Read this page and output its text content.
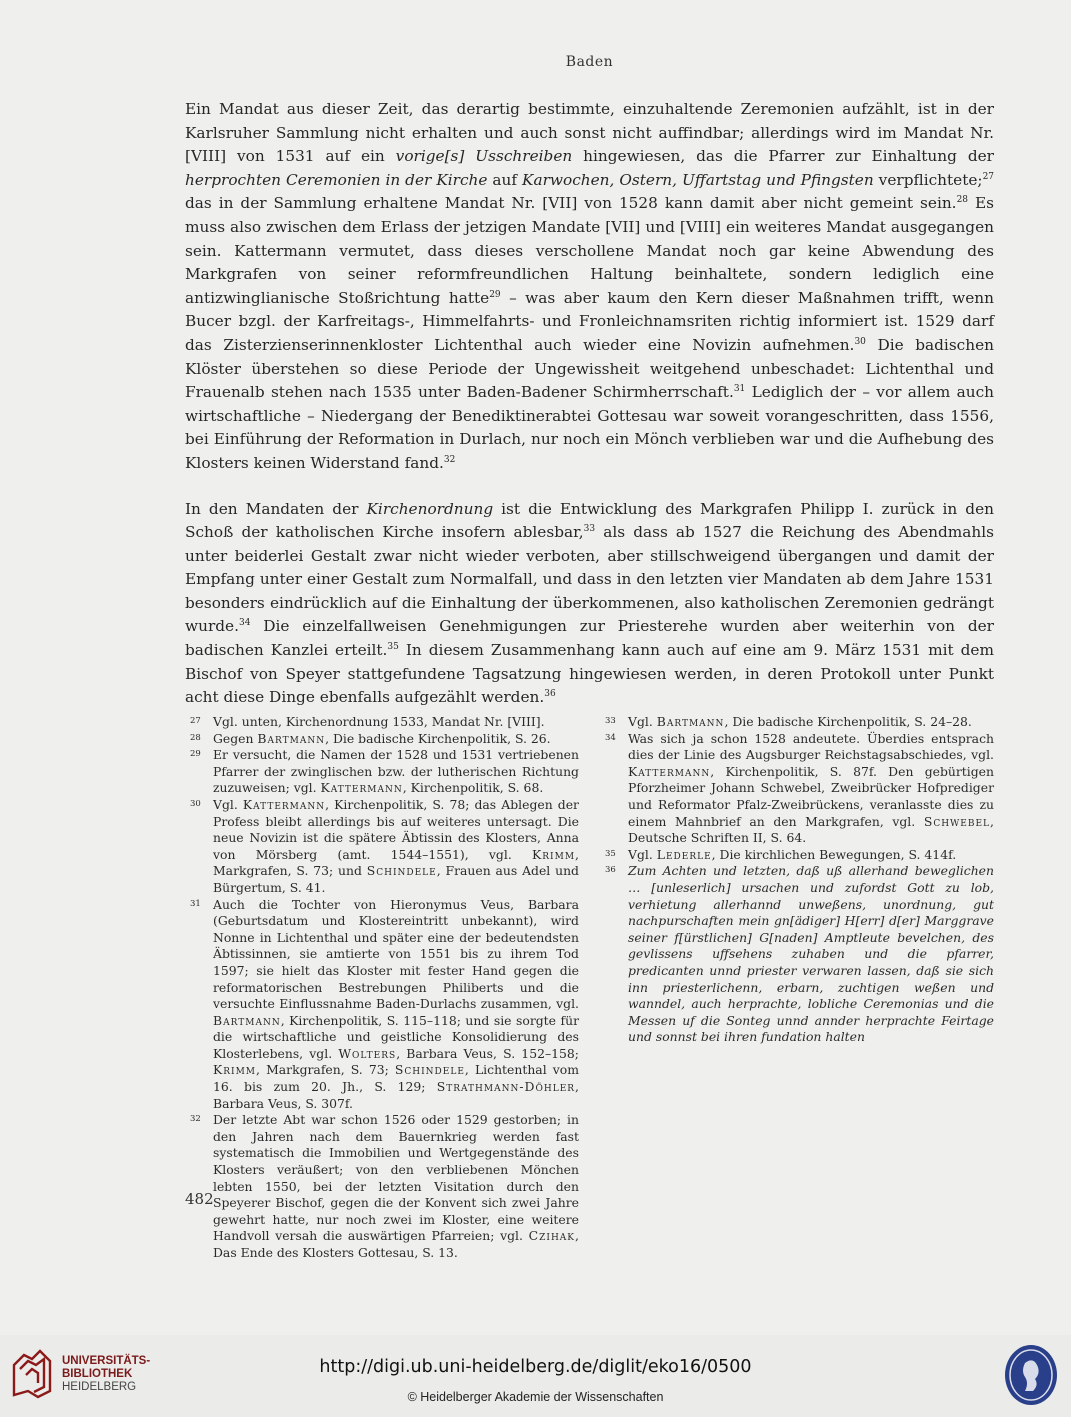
Baden

Ein Mandat aus dieser Zeit, das derartig bestimmte, einzuhaltende Zeremonien aufzählt, ist in der Karlsruher Sammlung nicht erhalten und auch sonst nicht auffindbar; allerdings wird im Mandat Nr. [VIII] von 1531 auf ein vorige[s] Usschreiben hingewiesen, das die Pfarrer zur Einhaltung der herprochten Ceremonien in der Kirche auf Karwochen, Ostern, Uffartstag und Pfingsten verpflichtete;$^{27}$ das in der Sammlung erhaltene Mandat Nr. [VII] von 1528 kann damit aber nicht gemeint sein.$^{28}$ Es muss also zwischen dem Erlass der jetzigen Mandate [VII] und [VIII] ein weiteres Mandat ausgegangen sein. Kattermann vermutet, dass dieses verschollene Mandat noch gar keine Abwendung des Markgrafen von seiner reformfreundlichen Haltung beinhaltete, sondern lediglich eine antizwinglianische Stoßrichtung hatte$^{29}$ – was aber kaum den Kern dieser Maßnahmen trifft, wenn Bucer bzgl. der Karfreitags-, Himmelfahrts- und Fronleichnamsriten richtig informiert ist. 1529 darf das Zisterzienserinnenkloster Lichtenthal auch wieder eine Novizin aufnehmen.$^{30}$ Die badischen Klöster überstehen so diese Periode der Ungewissheit weitgehend unbeschadet: Lichtenthal und Frauenalb stehen nach 1535 unter Baden-Badener Schirmherrschaft.$^{31}$ Lediglich der – vor allem auch wirtschaftliche – Niedergang der Benediktinerabtei Gottesau war soweit vorangeschritten, dass 1556, bei Einführung der Reformation in Durlach, nur noch ein Mönch verblieben war und die Aufhebung des Klosters keinen Widerstand fand.$^{32}$

In den Mandaten der Kirchenordnung ist die Entwicklung des Markgrafen Philipp I. zurück in den Schoß der katholischen Kirche insofern ablesbar,$^{33}$ als dass ab 1527 die Reichung des Abendmahls unter beiderlei Gestalt zwar nicht wieder verboten, aber stillschweigend übergangen und damit der Empfang unter einer Gestalt zum Normalfall, und dass in den letzten vier Mandaten ab dem Jahre 1531 besonders eindrücklich auf die Einhaltung der überkommenen, also katholischen Zeremonien gedrängt wurde.$^{34}$ Die einzelfallweisen Genehmigungen zur Priesterehe wurden aber weiterhin von der badischen Kanzlei erteilt.$^{35}$ In diesem Zusammenhang kann auch auf eine am 9. März 1531 mit dem Bischof von Speyer stattgefundene Tagsatzung hingewiesen werden, in deren Protokoll unter Punkt acht diese Dinge ebenfalls aufgezählt werden.$^{36}$

27 Vgl. unten, Kirchenordnung 1533, Mandat Nr. [VIII].
28 Gegen Bartmann, Die badische Kirchenpolitik, S. 26.
29 Er versucht, die Namen der 1528 und 1531 vertriebenen Pfarrer der zwinglischen bzw. der lutherischen Richtung zuzuweisen; vgl. Kattermann, Kirchenpolitik, S. 68.
30 Vgl. Kattermann, Kirchenpolitik, S. 78; das Ablegen der Profess bleibt allerdings bis auf weiteres untersagt. Die neue Novizin ist die spätere Äbtissin des Klosters, Anna von Mörsberg (amt. 1544–1551), vgl. Krimm, Markgrafen, S. 73; und Schindele, Frauen aus Adel und Bürgertum, S. 41.
31 Auch die Tochter von Hieronymus Veus, Barbara (Geburtsdatum und Klostereintritt unbekannt), wird Nonne in Lichtenthal und später eine der bedeutendsten Äbtissinnen, sie amtierte von 1551 bis zu ihrem Tod 1597; sie hielt das Kloster mit fester Hand gegen die reformatorischen Bestrebungen Philiberts und die versuchte Einflussnahme Baden-Durlachs zusammen, vgl. Bartmann, Kirchenpolitik, S. 115–118; und sie sorgte für die wirtschaftliche und geistliche Konsolidierung des Klosterlebens, vgl. Wolters, Barbara Veus, S. 152–158; Krimm, Markgrafen, S. 73; Schindele, Lichtenthal vom 16. bis zum 20. Jh., S. 129; Strathmann-Döhler, Barbara Veus, S. 307f.
32 Der letzte Abt war schon 1526 oder 1529 gestorben; in den Jahren nach dem Bauernkrieg werden fast systematisch die Immobilien und Wertgegenstände des Klosters veräußert; von den verbliebenen Mönchen lebten 1550, bei der letzten Visitation durch den Speyerer Bischof, gegen die der Konvent sich zwei Jahre gewehrt hatte, nur noch zwei im Kloster, eine weitere Handvoll versah die auswärtigen Pfarreien; vgl. Czihak, Das Ende des Klosters Gottesau, S. 13.
33 Vgl. Bartmann, Die badische Kirchenpolitik, S. 24–28.
34 Was sich ja schon 1528 andeutete. Überdies entsprach dies der Linie des Augsburger Reichstagsabschiedes, vgl. Kattermann, Kirchenpolitik, S. 87f. Den gebürtigen Pforzheimer Johann Schwebel, Zweibrücker Hofprediger und Reformator Pfalz-Zweibrückens, veranlasste dies zu einem Mahnbrief an den Markgrafen, vgl. Schwebel, Deutsche Schriften II, S. 64.
35 Vgl. Lederle, Die kirchlichen Bewegungen, S. 414f.
36 Zum Achten und letzten, daß uß allerhand beweglichen … [unleserlich] ursachen und zufordst Gott zu lob, verhietung allerhannd unweßens, unordnung, gut nachpurschaften mein gn[ädiger] H[err] d[er] Marggrave seiner f[ürstlichen] G[naden] Amptleute bevelchen, des gevlissens uffsehens zuhaben und die pfarrer, predicanten unnd priester verwaren lassen, daß sie sich inn priesterlichenn, erbarn, zuchtigen weßen und wanndel, auch herprachte, lobliche Ceremonias und die Messen uf die Sonteg unnd annder herprachte Feirtage und sonnst bei ihren fundation halten
482
UNIVERSITÄTS-
BIBLIOTHEK
HEIDELBERG
http://digi.ub.uni-heidelberg.de/diglit/eko16/0500
© Heidelberger Akademie der Wissenschaften
